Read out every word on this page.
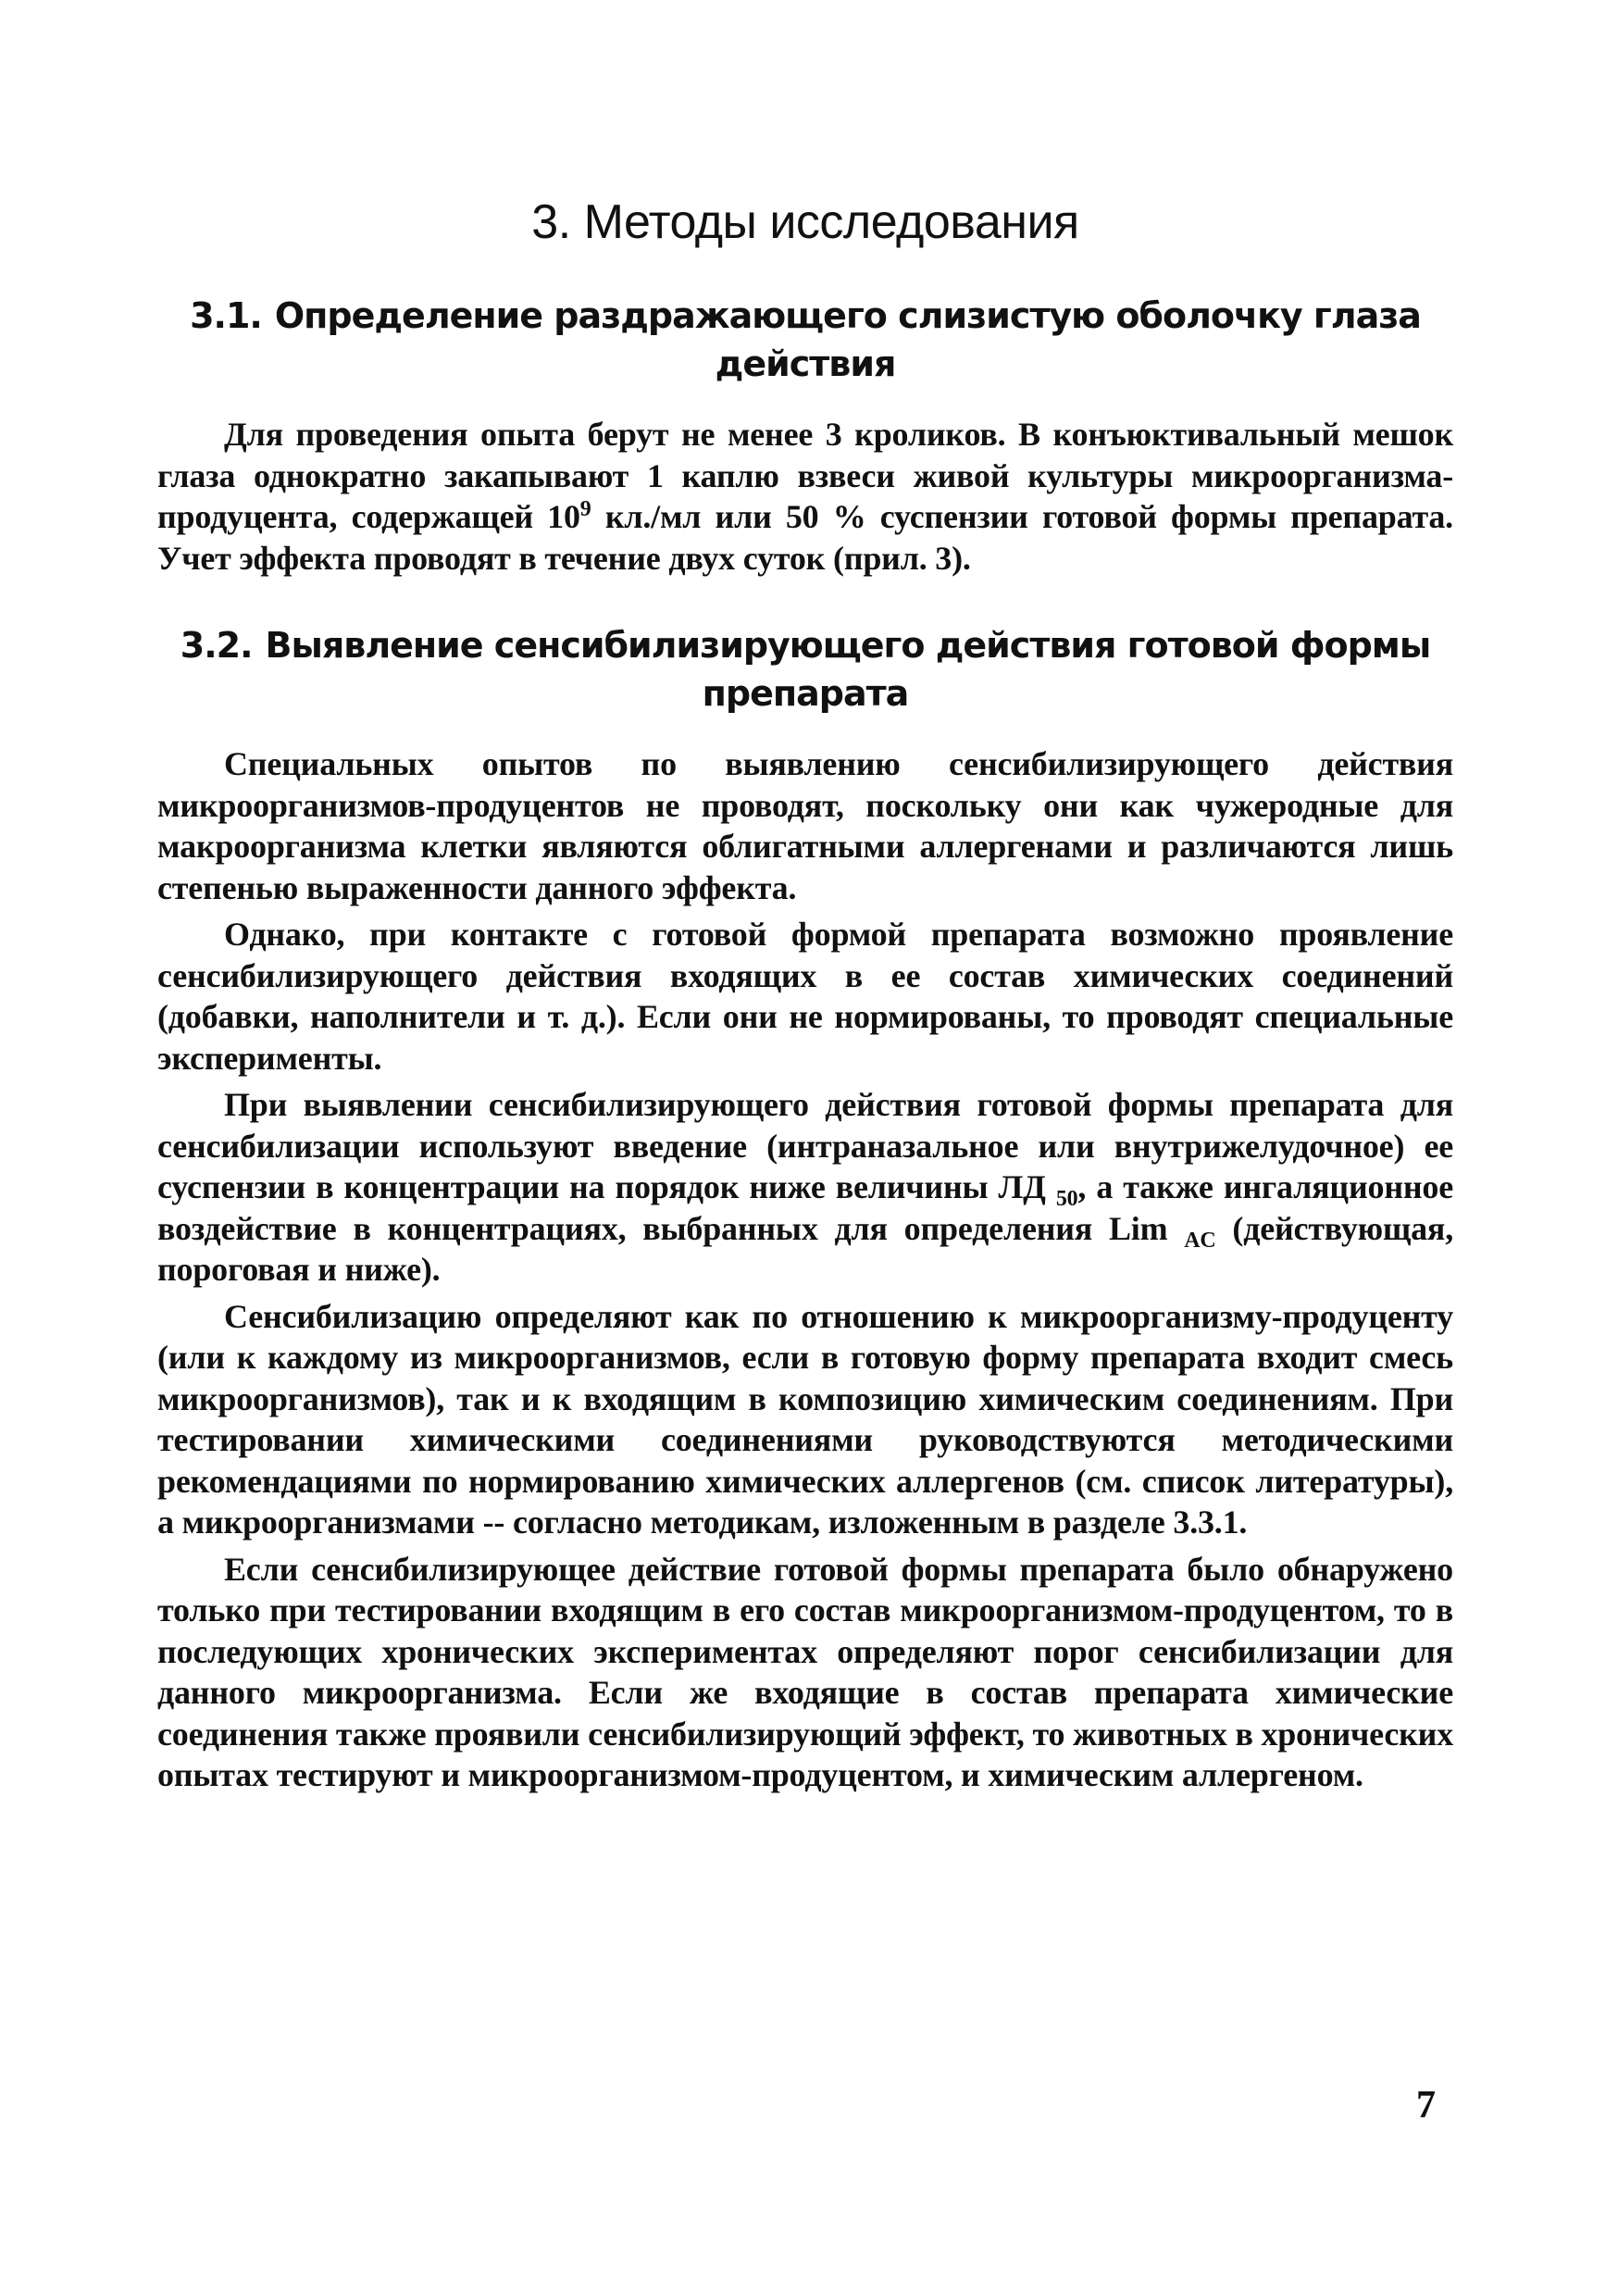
3. Методы исследования
3.1. Определение раздражающего слизистую оболочку глаза действия

Для проведения опыта берут не менее 3 кроликов. В конъюктивальный мешок глаза однократно закапывают 1 каплю взвеси живой культуры микроорганизма-продуцента, содержащей $10^9$ кл./мл или 50 % суспензии готовой формы препарата. Учет эффекта проводят в течение двух суток (прил. 3).

3.2. Выявление сенсибилизирующего действия готовой формы препарата

Специальных опытов по выявлению сенсибилизирующего действия микроорганизмов-продуцентов не проводят, поскольку они как чужеродные для макроорганизма клетки являются облигатными аллергенами и различаются лишь степенью выраженности данного эффекта.

Однако, при контакте с готовой формой препарата возможно проявление сенсибилизирующего действия входящих в ее состав химических соединений (добавки, наполнители и т. д.). Если они не нормированы, то проводят специальные эксперименты.

При выявлении сенсибилизирующего действия готовой формы препарата для сенсибилизации используют введение (интраназальное или внутрижелудочное) ее суспензии в концентрации на порядок ниже величины ЛД $_{50}$, а также ингаляционное воздействие в концентрациях, выбранных для определения Lim $_{AC}$ (действующая, пороговая и ниже).

Сенсибилизацию определяют как по отношению к микроорганизму-продуценту (или к каждому из микроорганизмов, если в готовую форму препарата входит смесь микроорганизмов), так и к входящим в композицию химическим соединениям. При тестировании химическими соединениями руководствуются методическими рекомендациями по нормированию химических аллергенов (см. список литературы), а микроорганизмами -- согласно методикам, изложенным в разделе 3.3.1.

Если сенсибилизирующее действие готовой формы препарата было обнаружено только при тестировании входящим в его состав микроорганизмом-продуцентом, то в последующих хронических экспериментах определяют порог сенсибилизации для данного микроорганизма. Если же входящие в состав препарата химические соединения также проявили сенсибилизирующий эффект, то животных в хронических опытах тестируют и микроорганизмом-продуцентом, и химическим аллергеном.

7
